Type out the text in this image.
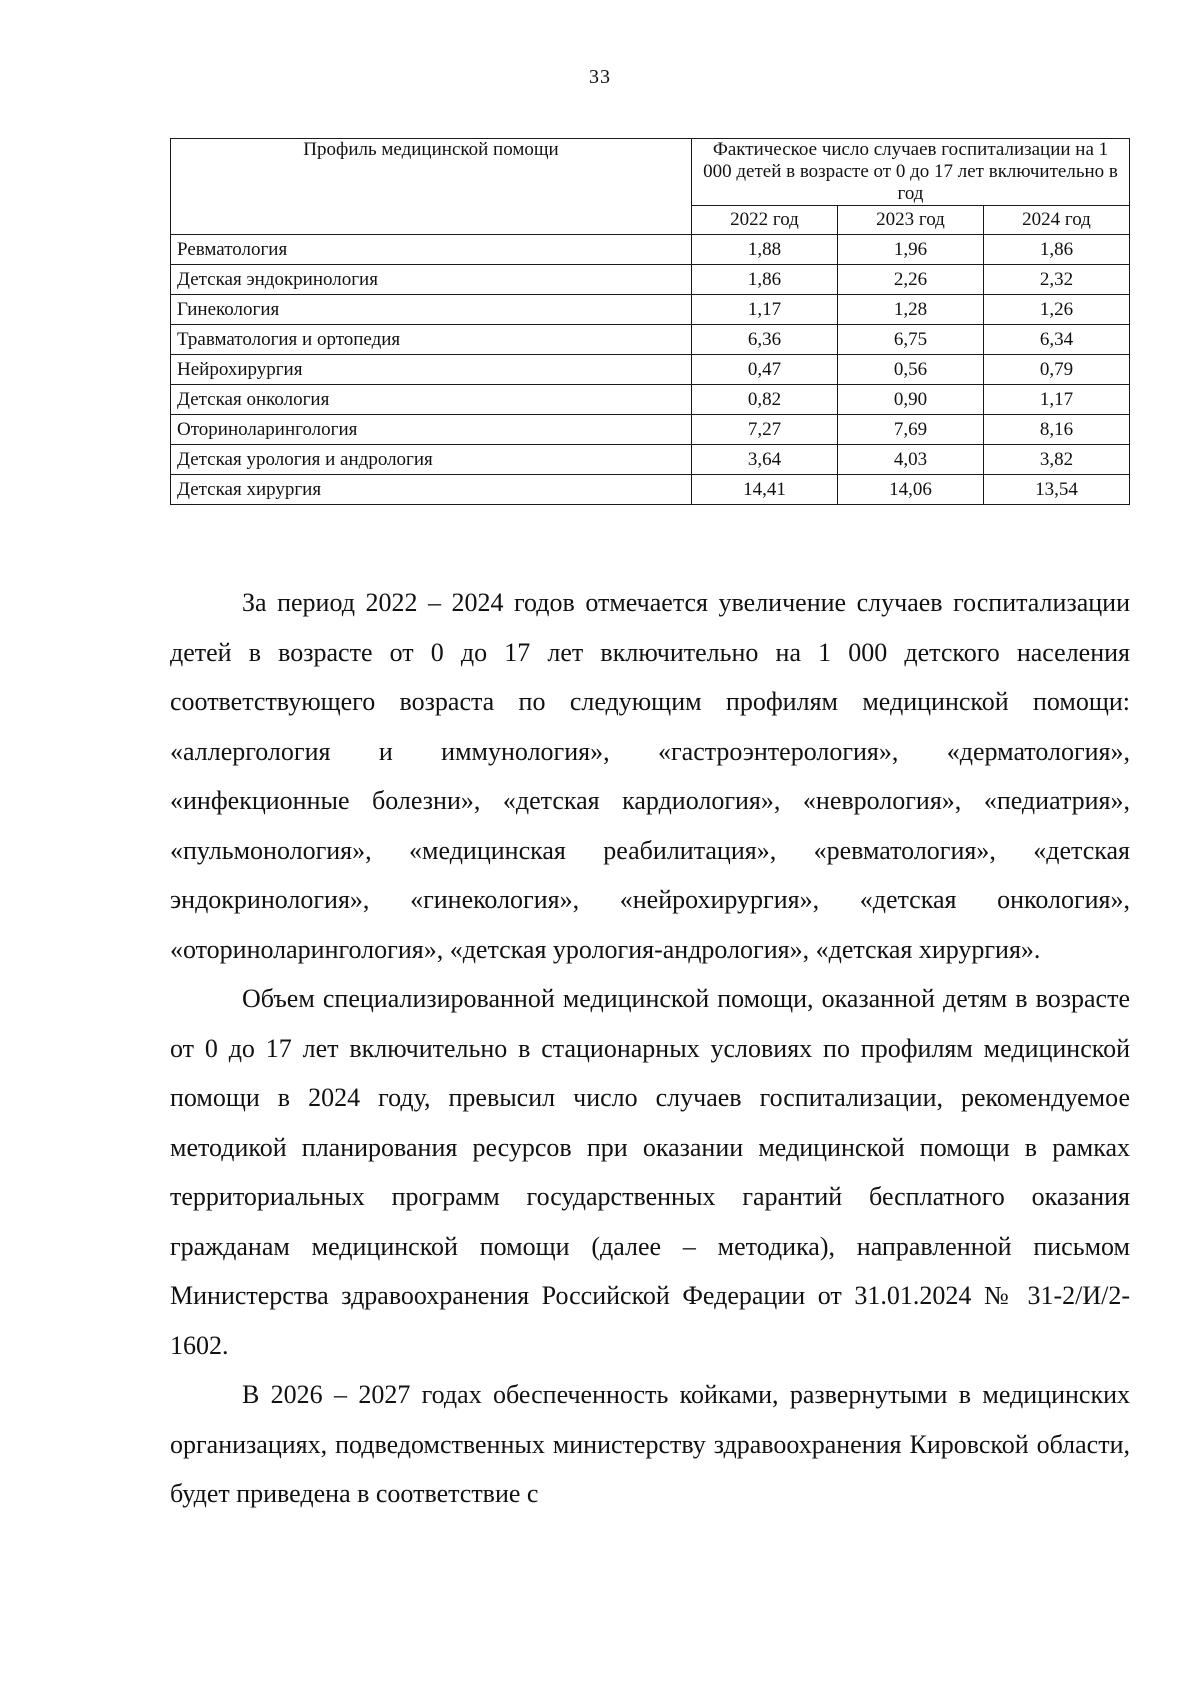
33
Профиль медицинской помощи	Фактическое число случаев госпитализации на 1 000 детей в возрасте от 0 до 17 лет включительно в год		
	2022 год	2023 год	2024 год
Ревматология	1,88	1,96	1,86
Детская эндокринология	1,86	2,26	2,32
Гинекология	1,17	1,28	1,26
Травматология и ортопедия	6,36	6,75	6,34
Нейрохирургия	0,47	0,56	0,79
Детская онкология	0,82	0,90	1,17
Оториноларингология	7,27	7,69	8,16
Детская урология и андрология	3,64	4,03	3,82
Детская хирургия	14,41	14,06	13,54

За период 2022 – 2024 годов отмечается увеличение случаев госпитализации детей в возрасте от 0 до 17 лет включительно на 1 000 детского населения соответствующего возраста по следующим профилям медицинской помощи: «аллергология и иммунология», «гастроэнтерология», «дерматология», «инфекционные болезни», «детская кардиология», «неврология», «педиатрия», «пульмонология», «медицинская реабилитация», «ревматология», «детская эндокринология», «гинекология», «нейрохирургия», «детская онкология», «оториноларингология», «детская урология-андрология», «детская хирургия».

Объем специализированной медицинской помощи, оказанной детям в возрасте от 0 до 17 лет включительно в стационарных условиях по профилям медицинской помощи в 2024 году, превысил число случаев госпитализации, рекомендуемое методикой планирования ресурсов при оказании медицинской помощи в рамках территориальных программ государственных гарантий бесплатного оказания гражданам медицинской помощи (далее – методика), направленной письмом Министерства здравоохранения Российской Федерации от 31.01.2024 № 31-2/И/2-1602.

В 2026 – 2027 годах обеспеченность койками, развернутыми в медицинских организациях, подведомственных министерству здравоохранения Кировской области, будет приведена в соответствие с
